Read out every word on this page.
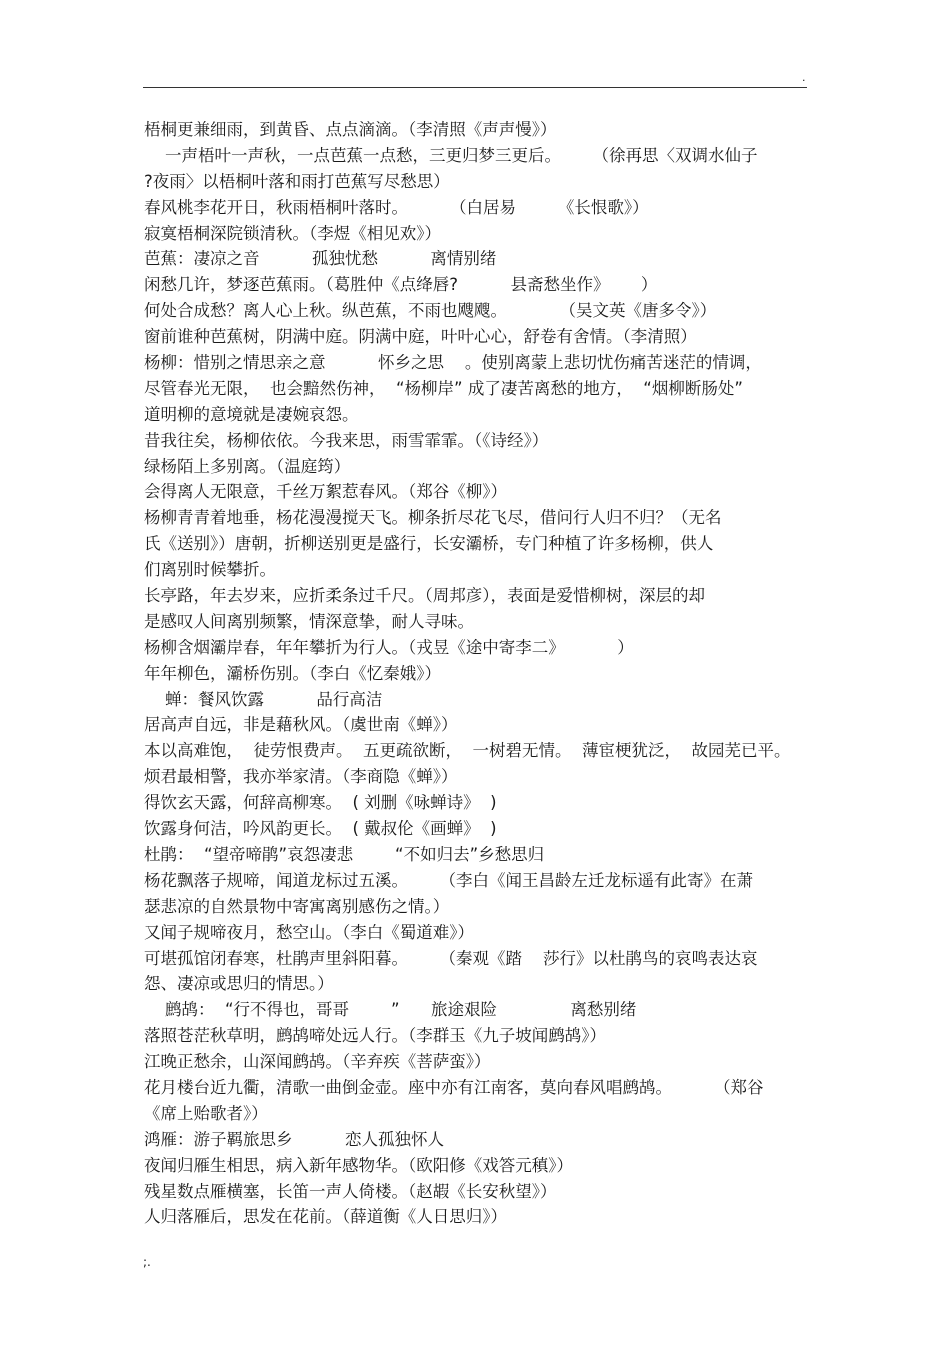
.
梧桐更兼细雨，到黄昏、点点滴滴。（李清照《声声慢》）
一声梧叶一声秋，一点芭蕉一点愁，三更归梦三更后。      （徐再思〈双调水仙子
?夜雨〉以梧桐叶落和雨打芭蕉写尽愁思）
春风桃李花开日，秋雨梧桐叶落时。        （白居易        《长恨歌》）
寂寞梧桐深院锁清秋。（李煜《相见欢》）
芭蕉：凄凉之音          孤独忧愁          离情别绪
闲愁几许，梦逐芭蕉雨。（葛胜仲《点绛唇?          县斋愁坐作》      ）
何处合成愁？离人心上秋。纵芭蕉，不雨也飕飕。          （吴文英《唐多令》）
窗前谁种芭蕉树，阴满中庭。阴满中庭，叶叶心心，舒卷有舍情。（李清照）
杨柳：惜别之情思亲之意          怀乡之思    。使别离蒙上悲切忧伤痛苦迷茫的情调，
尽管春光无限，  也会黯然伤神，  “杨柳岸” 成了凄苦离愁的地方，  “烟柳断肠处”
道明柳的意境就是凄婉哀怨。
昔我往矣，杨柳依依。今我来思，雨雪霏霏。（《诗经》）
绿杨陌上多别离。（温庭筠）
会得离人无限意，千丝万絮惹春风。（郑谷《柳》）
杨柳青青着地垂，杨花漫漫搅天飞。柳条折尽花飞尽，借问行人归不归？（无名
氏《送别》）唐朝，折柳送别更是盛行，长安灞桥，专门种植了许多杨柳，供人
们离别时候攀折。
长亭路，年去岁来，应折柔条过千尺。（周邦彦），表面是爱惜柳树，深层的却
是感叹人间离别频繁，情深意挚，耐人寻味。
杨柳含烟灞岸春，年年攀折为行人。（戎昱《途中寄李二》          ）
年年柳色，灞桥伤别。（李白《忆秦娥》）
蝉：餐风饮露          品行高洁
居高声自远，非是藉秋风。（虞世南《蝉》）
本以高难饱，  徒劳恨费声。  五更疏欲断，  一树碧无情。  薄宦梗犹泛，  故园芜已平。
烦君最相警，我亦举家清。（李商隐《蝉》）
得饮玄天露，何辞高柳寒。  ( 刘删《咏蝉诗》  )
饮露身何洁，吟风韵更长。  ( 戴叔伦《画蝉》  )
杜鹃：  “望帝啼鹃”哀怨凄悲        “不如归去”乡愁思归
杨花飘落子规啼，闻道龙标过五溪。      （李白《闻王昌龄左迁龙标遥有此寄》在萧
瑟悲凉的自然景物中寄寓离别感伤之情。）
又闻子规啼夜月，愁空山。（李白《蜀道难》）
可堪孤馆闭春寒，杜鹃声里斜阳暮。      （秦观《踏    莎行》以杜鹃鸟的哀鸣表达哀
怨、凄凉或思归的情思。）
鹧鸪：  “行不得也，哥哥        ”      旅途艰险              离愁别绪
落照苍茫秋草明，鹧鸪啼处远人行。（李群玉《九子坡闻鹧鸪》）
江晚正愁余，山深闻鹧鸪。（辛弃疾《菩萨蛮》）
花月楼台近九衢，清歌一曲倒金壶。座中亦有江南客，莫向春风唱鹧鸪。        （郑谷
《席上贻歌者》）
鸿雁：游子羁旅思乡          恋人孤独怀人
夜闻归雁生相思，病入新年感物华。（欧阳修《戏答元稹》）
残星数点雁横塞，长笛一声人倚楼。（赵嘏《长安秋望》）
人归落雁后，思发在花前。（薛道衡《人日思归》）
;.
